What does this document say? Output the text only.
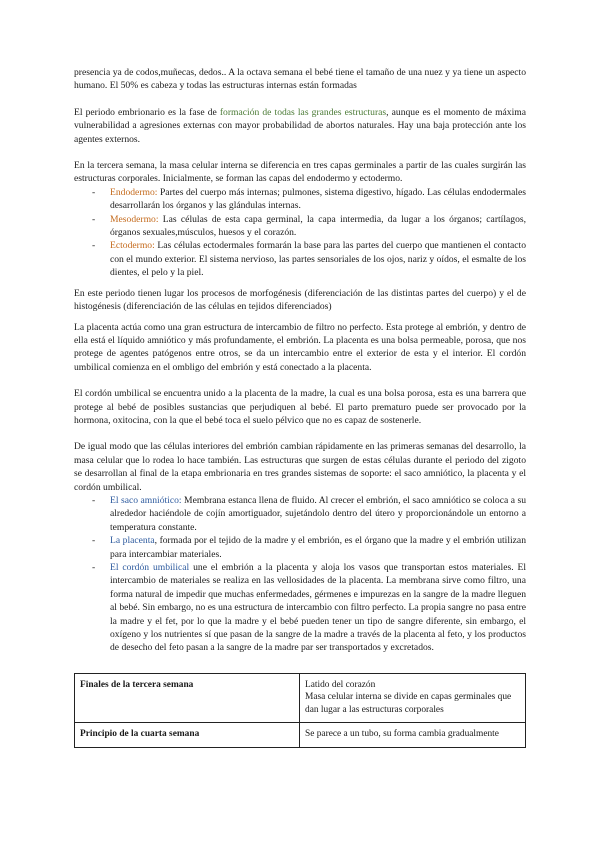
presencia ya de codos,muñecas, dedos.. A la octava semana el bebé tiene el tamaño de una nuez y ya tiene un aspecto humano. El 50% es cabeza y todas las estructuras internas están formadas

El periodo embrionario es la fase de formación de todas las grandes estructuras, aunque es el momento de máxima vulnerabilidad a agresiones externas con mayor probabilidad de abortos naturales. Hay una baja protección ante los agentes externos.

En la tercera semana, la masa celular interna se diferencia en tres capas germinales a partir de las cuales surgirán las estructuras corporales. Inicialmente, se forman las capas del endodermo y ectodermo.

- Endodermo: Partes del cuerpo más internas; pulmones, sistema digestivo, hígado. Las células endodermales desarrollarán los órganos y las glándulas internas.
- Mesodermo: Las células de esta capa germinal, la capa intermedia, da lugar a los órganos; cartílagos, órganos sexuales,músculos, huesos y el corazón.
- Ectodermo: Las células ectodermales formarán la base para las partes del cuerpo que mantienen el contacto con el mundo exterior. El sistema nervioso, las partes sensoriales de los ojos, nariz y oídos, el esmalte de los dientes, el pelo y la piel.

En este periodo tienen lugar los procesos de morfogénesis (diferenciación de las distintas partes del cuerpo) y el de histogénesis (diferenciación de las células en tejidos diferenciados)

La placenta actúa como una gran estructura de intercambio de filtro no perfecto. Esta protege al embrión, y dentro de ella está el líquido amniótico y más profundamente, el embrión. La placenta es una bolsa permeable, porosa, que nos protege de agentes patógenos entre otros, se da un intercambio entre el exterior de esta y el interior. El cordón umbilical comienza en el ombligo del embrión y está conectado a la placenta.

El cordón umbilical se encuentra unido a la placenta de la madre, la cual es una bolsa porosa, esta es una barrera que protege al bebé de posibles sustancias que perjudiquen al bebé. El parto prematuro puede ser provocado por la hormona, oxitocina, con la que el bebé toca el suelo pélvico que no es capaz de sostenerle.

De igual modo que las células interiores del embrión cambian rápidamente en las primeras semanas del desarrollo, la masa celular que lo rodea lo hace también. Las estructuras que surgen de estas células durante el periodo del zigoto se desarrollan al final de la etapa embrionaria en tres grandes sistemas de soporte: el saco amniótico, la placenta y el cordón umbilical.

- El saco amniótico: Membrana estanca llena de fluido. Al crecer el embrión, el saco amniótico se coloca a su alrededor haciéndole de cojín amortiguador, sujetándolo dentro del útero y proporcionándole un entorno a temperatura constante.
- La placenta, formada por el tejido de la madre y el embrión, es el órgano que la madre y el embrión utilizan para intercambiar materiales.
- El cordón umbilical une el embrión a la placenta y aloja los vasos que transportan estos materiales. El intercambio de materiales se realiza en las vellosidades de la placenta. La membrana sirve como filtro, una forma natural de impedir que muchas enfermedades, gérmenes e impurezas en la sangre de la madre lleguen al bebé. Sin embargo, no es una estructura de intercambio con filtro perfecto. La propia sangre no pasa entre la madre y el fet, por lo que la madre y el bebé pueden tener un tipo de sangre diferente, sin embargo, el oxígeno y los nutrientes sí que pasan de la sangre de la madre a través de la placenta al feto, y los productos de desecho del feto pasan a la sangre de la madre par ser transportados y excretados.
Finales de la tercera semana	Latido del corazón
Masa celular interna se divide en capas germinales que dan lugar a las estructuras corporales

Principio de la cuarta semana	Se parece a un tubo, su forma cambia gradualmente
